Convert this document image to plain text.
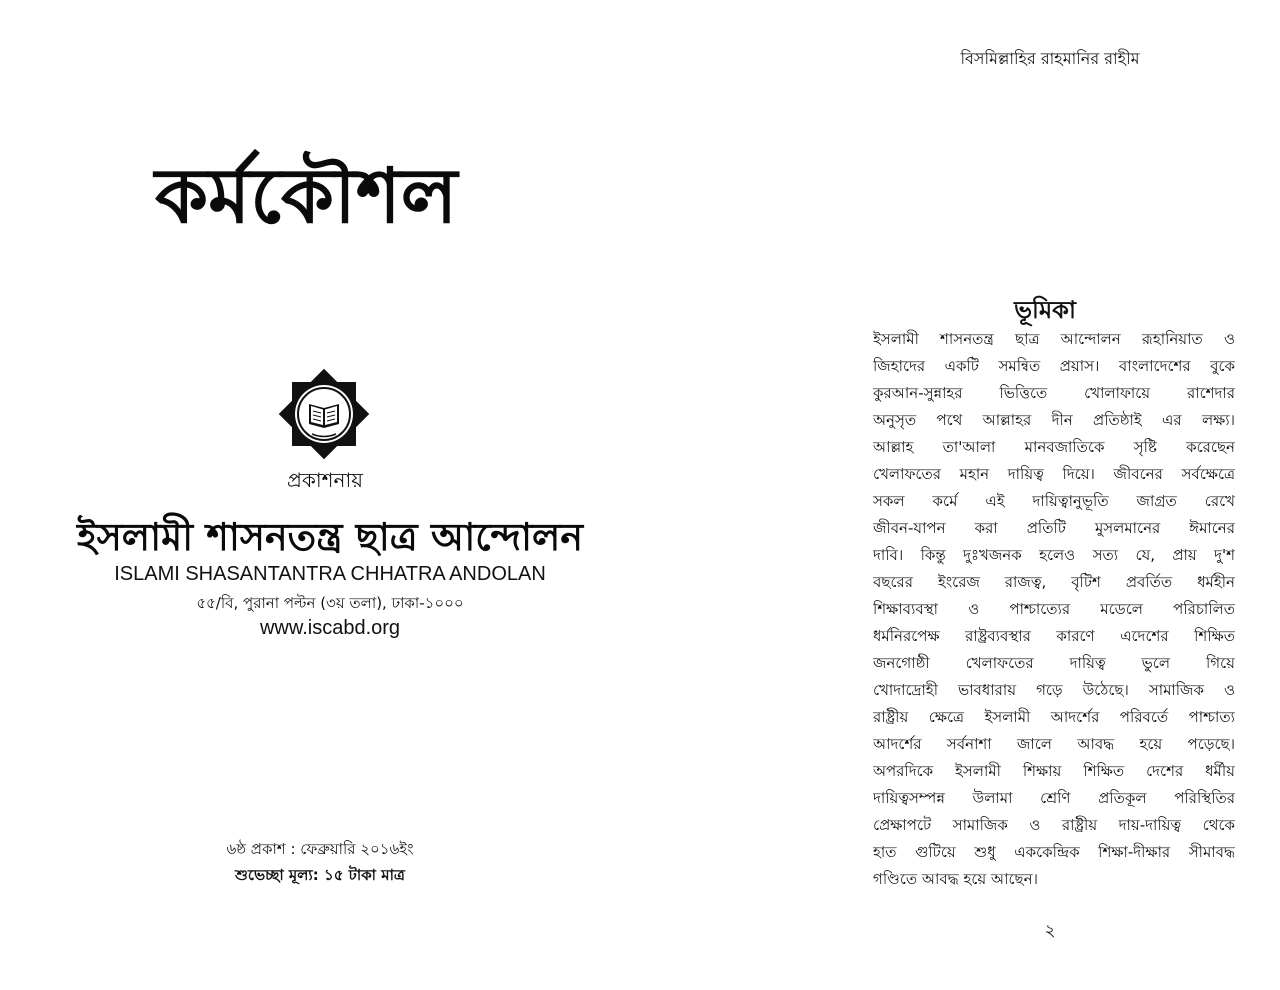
কর্মকৌশল
প্রকাশনায়
ইসলামী শাসনতন্ত্র ছাত্র আন্দোলন
ISLAMI SHASANTANTRA CHHATRA ANDOLAN
৫৫/বি, পুরানা পল্টন (৩য় তলা), ঢাকা-১০০০
www.iscabd.org
৬ষ্ঠ প্রকাশ : ফেব্রুয়ারি ২০১৬ইং
শুভেচ্ছা মূল্য: ১৫ টাকা মাত্র
বিসমিল্লাহির রাহমানির রাহীম
ভূমিকা
ইসলামী শাসনতন্ত্র ছাত্র আন্দোলন রূহানিয়াত ও
জিহাদের একটি সমন্বিত প্রয়াস। বাংলাদেশের বুকে
কুরআন-সুন্নাহর ভিত্তিতে খোলাফায়ে রাশেদার
অনুসৃত পথে আল্লাহর দীন প্রতিষ্ঠাই এর লক্ষ্য।
আল্লাহ তা'আলা মানবজাতিকে সৃষ্টি করেছেন
খেলাফতের মহান দায়িত্ব দিয়ে। জীবনের সর্বক্ষেত্রে
সকল কর্মে এই দায়িত্বানুভূতি জাগ্রত রেখে
জীবন-যাপন করা প্রতিটি মুসলমানের ঈমানের
দাবি। কিন্তু দুঃখজনক হলেও সত্য যে, প্রায় দু'শ
বছরের ইংরেজ রাজত্ব, বৃটিশ প্রবর্তিত ধর্মহীন
শিক্ষাব্যবস্থা ও পাশ্চাত্যের মডেলে পরিচালিত
ধর্মনিরপেক্ষ রাষ্ট্রব্যবস্থার কারণে এদেশের শিক্ষিত
জনগোষ্ঠী খেলাফতের দায়িত্ব ভুলে গিয়ে
খোদাদ্রোহী ভাবধারায় গড়ে উঠেছে। সামাজিক ও
রাষ্ট্রীয় ক্ষেত্রে ইসলামী আদর্শের পরিবর্তে পাশ্চাত্য
আদর্শের সর্বনাশা জালে আবদ্ধ হয়ে পড়েছে।
অপরদিকে ইসলামী শিক্ষায় শিক্ষিত দেশের ধর্মীয়
দায়িত্বসম্পন্ন উলামা শ্রেণি প্রতিকূল পরিস্থিতির
প্রেক্ষাপটে সামাজিক ও রাষ্ট্রীয় দায়-দায়িত্ব থেকে
হাত গুটিয়ে শুধু এককেন্দ্রিক শিক্ষা-দীক্ষার সীমাবদ্ধ
গণ্ডিতে আবদ্ধ হয়ে আছেন।
২
